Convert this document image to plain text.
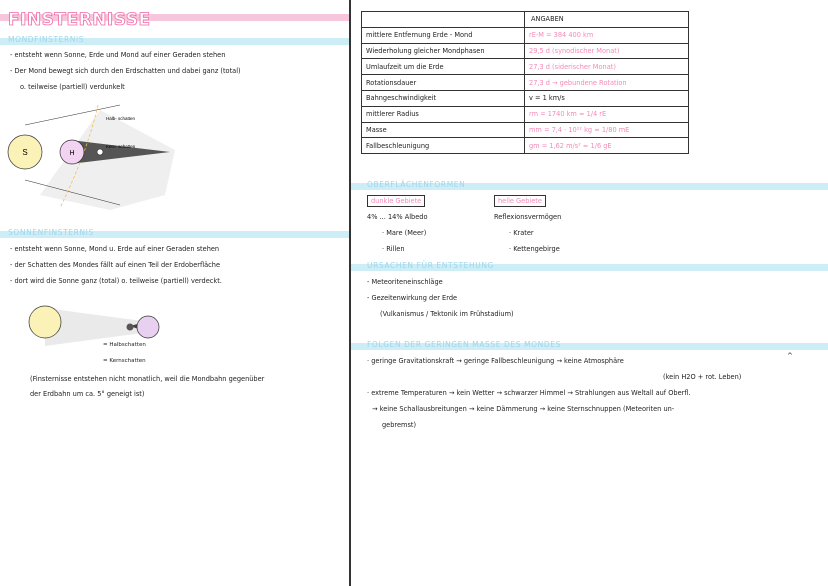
FINSTERNISSE
MONDFINSTERNIS
- entsteht wenn Sonne, Erde und Mond auf einer Geraden stehen
- Der Mond bewegt sich durch den Erdschatten und dabei ganz (total)
o. teilweise (partiell) verdunkelt
S	H
Halb- schatten
Kern- schatten
SONNENFINSTERNIS
- entsteht wenn Sonne, Mond u. Erde auf einer Geraden stehen
- der Schatten des Mondes fällt auf einen Teil der Erdoberfläche
- dort wird die Sonne ganz (total) o. teilweise (partiell) verdeckt.
= Halbschatten
= Kernschatten
(Finsternisse entstehen nicht monatlich, weil die Mondbahn gegenüber
der Erdbahn um ca. 5° geneigt ist)
	ANGABEN
mittlere Entfernung Erde - Mond	rE-M = 384 400 km
Wiederholung gleicher Mondphasen	29,5 d (synodischer Monat)
Umlaufzeit um die Erde	27,3 d (siderischer Monat)
Rotationsdauer	27,3 d → gebundene Rotation
Bahngeschwindigkeit	v = 1 km/s
mittlerer Radius	rm = 1740 km ≈ 1/4 rE
Masse	mm = 7,4 · 10²² kg ≈ 1/80 mE
Fallbeschleunigung	gm = 1,62 m/s² ≈ 1/6 gE
OBERFLÄCHENFORMEN
dunkle Gebiete	helle Gebiete
4% ... 14% Albedo
· Mare (Meer)
· Rillen
Reflexionsvermögen
· Krater
· Kettengebirge
URSACHEN FÜR ENTSTEHUNG
- Meteoriteneinschläge
- Gezeitenwirkung der Erde
(Vulkanismus / Tektonik im Frühstadium)
FOLGEN DER GERINGEN MASSE DES MONDES
· geringe Gravitationskraft → geringe Fallbeschleunigung → keine Atmosphäre
^
(kein H2O + rot. Leben)
· extreme Temperaturen → kein Wetter → schwarzer Himmel → Strahlungen aus Weltall auf Oberfl.
→ keine Schallausbreitungen → keine Dämmerung → keine Sternschnuppen (Meteoriten un-
gebremst)
